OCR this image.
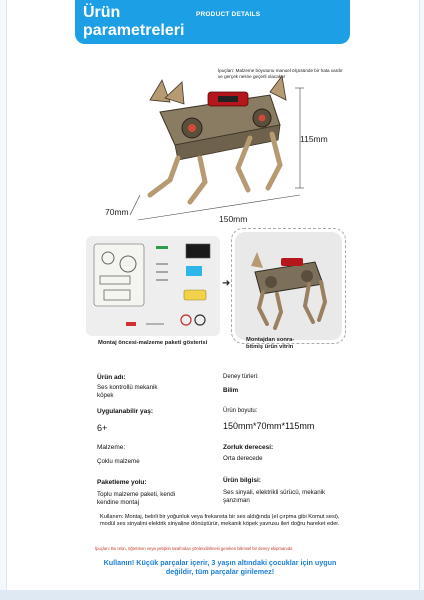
Ürün parametreleri
PRODUCT DETAILS
İpuçları: Malzeme boyutunu manuel ölçüsünde bir hata vardır ve gerçek nesne geçerli olacaktır
115mm
70mm
150mm
➜
Montaj öncesi-malzeme paketi gösterisi	Montajdan sonra-bitmiş ürün vitrin
Ürün adı:
Ses kontrollü mekanik köpek
Deney türleri:
Bilim
Uygulanabilir yaş:
6+
Ürün boyutu:
150mm*70mm*115mm
Malzeme:
Çoklu malzeme
Zorluk derecesi:
Orta derecede
Paketleme yolu:
Toplu malzeme paketi, kendi kendine montaj
Ürün bilgisi:
Ses sinyali, elektrikli sürücü, mekanik şanzıman
Kullanım: Montaj, belirli bir yoğunluk veya frekansta bir ses aldığında (el çırpma gibi Komut sesi), modül ses sinyalini elektrik sinyaline dönüştürür, mekanik köpek yavrusu ileri doğru hareket eder.
İpuçları: Bu ürün, öğretmen veya yetişkin tarafından yönlendirilmesi gereken bilimsel bir deney ekipmanıdır.
Kullanın! Küçük parçalar içerir, 3 yaşın altındaki çocuklar için uygun değildir, tüm parçalar girilemez!
